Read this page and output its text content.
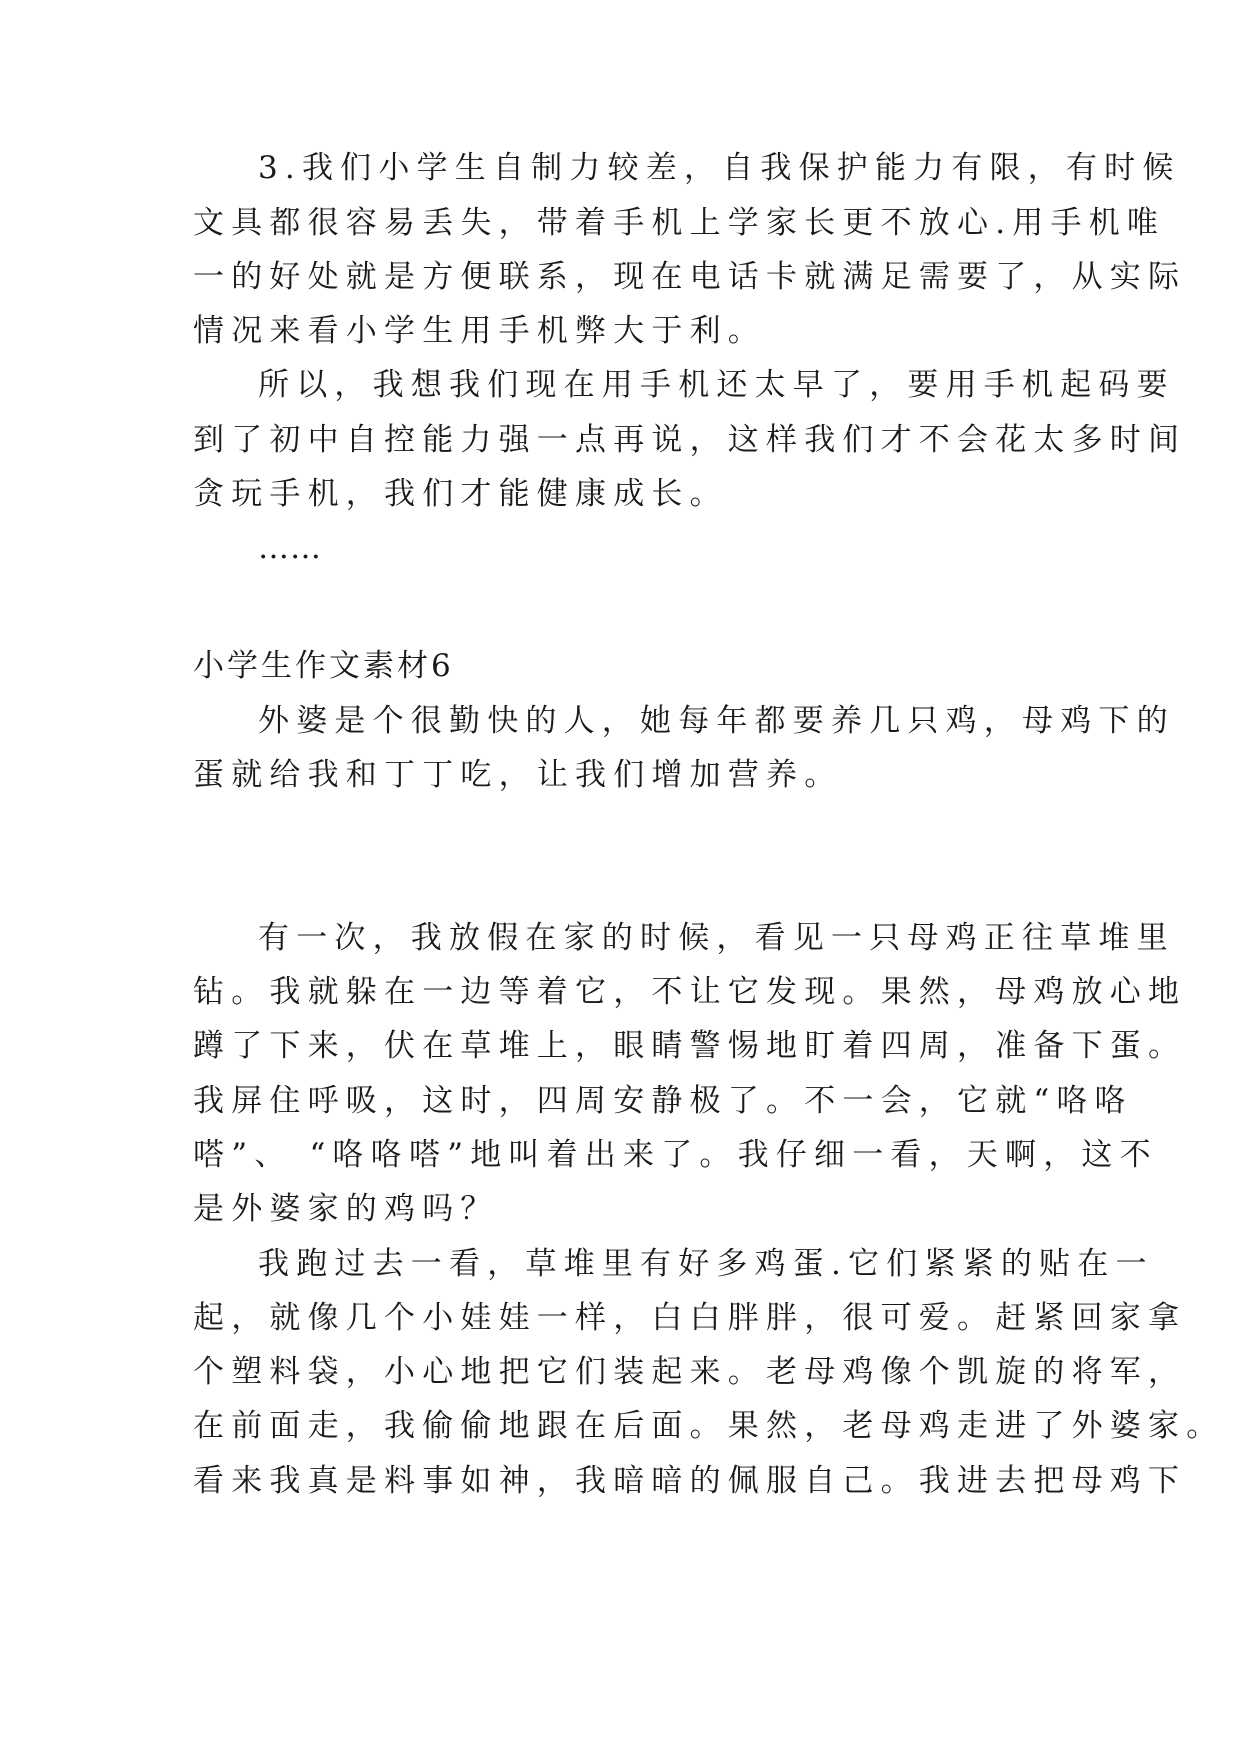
3.我们小学生自制力较差，自我保护能力有限，有时候
文具都很容易丢失，带着手机上学家长更不放心.用手机唯
一的好处就是方便联系，现在电话卡就满足需要了，从实际
情况来看小学生用手机弊大于利。
所以，我想我们现在用手机还太早了，要用手机起码要
到了初中自控能力强一点再说，这样我们才不会花太多时间
贪玩手机，我们才能健康成长。
……
小学生作文素材6
外婆是个很勤快的人，她每年都要养几只鸡，母鸡下的
蛋就给我和丁丁吃，让我们增加营养。
有一次，我放假在家的时候，看见一只母鸡正往草堆里
钻。我就躲在一边等着它，不让它发现。果然，母鸡放心地
蹲了下来，伏在草堆上，眼睛警惕地盯着四周，准备下蛋。
我屏住呼吸，这时，四周安静极了。不一会，它就“咯咯
嗒”、 “咯咯嗒”地叫着出来了。我仔细一看，天啊，这不
是外婆家的鸡吗？
我跑过去一看，草堆里有好多鸡蛋.它们紧紧的贴在一
起，就像几个小娃娃一样，白白胖胖，很可爱。赶紧回家拿
个塑料袋，小心地把它们装起来。老母鸡像个凯旋的将军，
在前面走，我偷偷地跟在后面。果然，老母鸡走进了外婆家。
看来我真是料事如神，我暗暗的佩服自己。我进去把母鸡下
